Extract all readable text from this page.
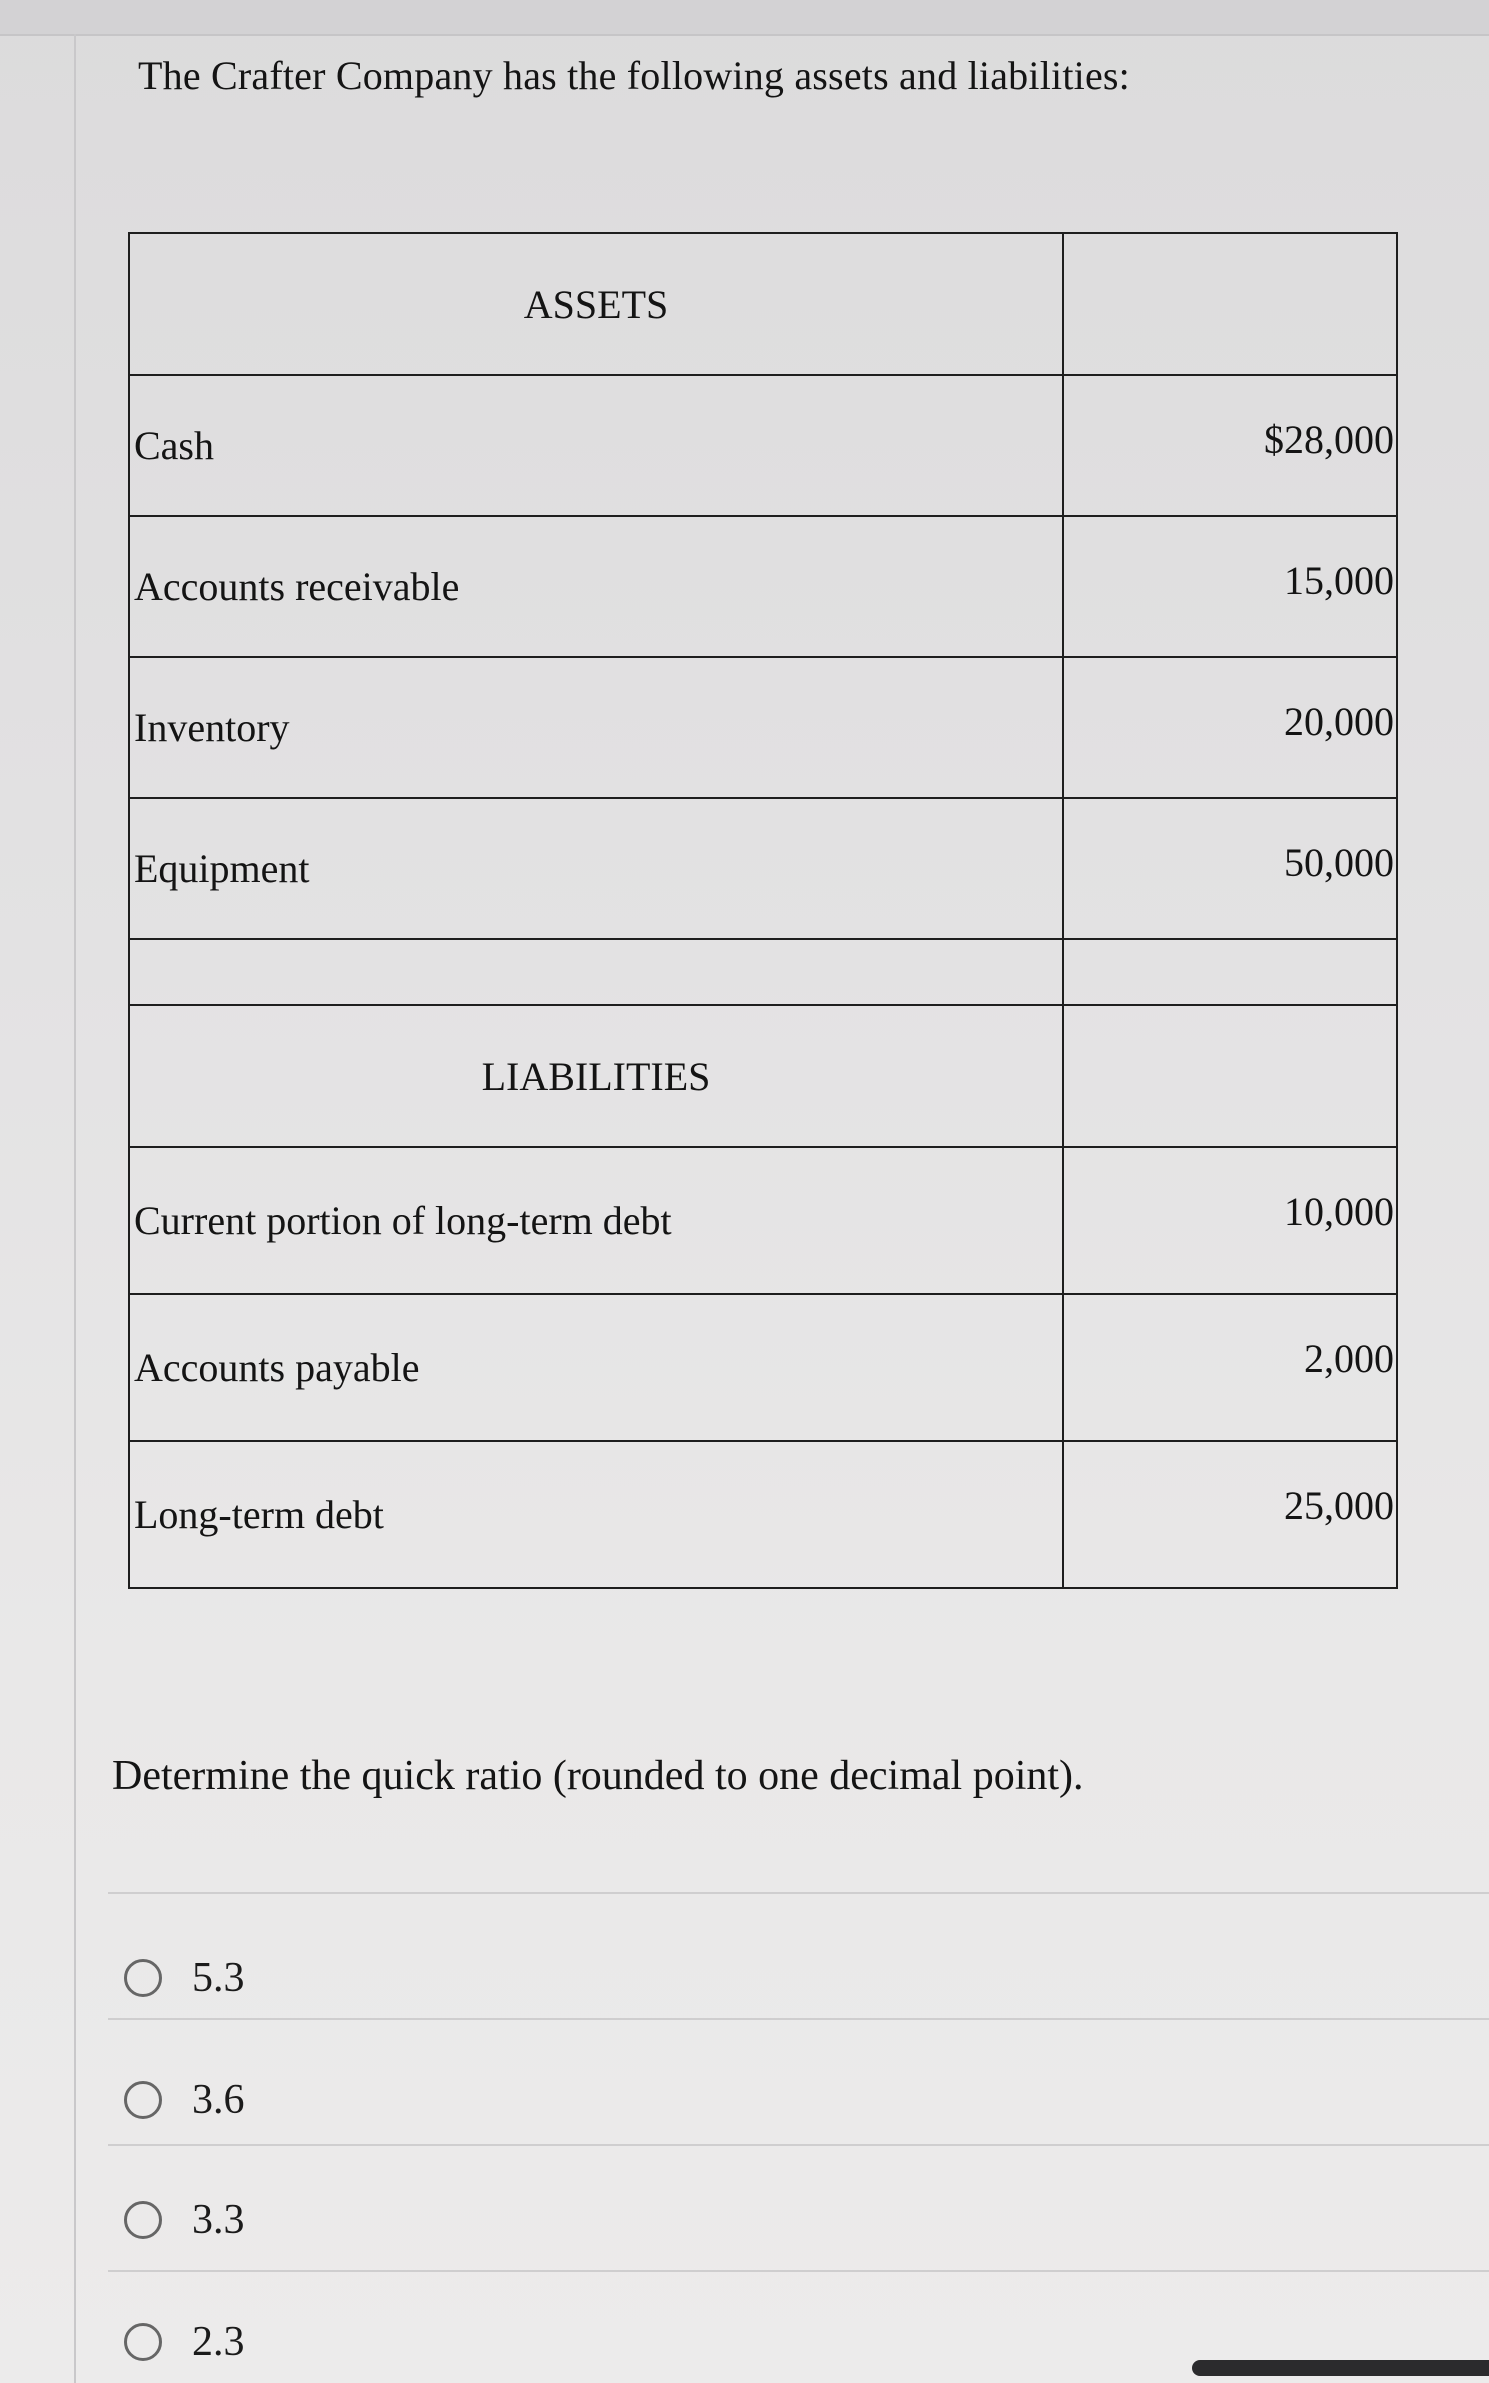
The Crafter Company has the following assets and liabilities:
ASSETS	
Cash	$28,000
Accounts receivable	15,000
Inventory	20,000
Equipment	50,000

LIABILITIES	
Current portion of long-term debt	10,000
Accounts payable	2,000
Long-term debt	25,000
Determine the quick ratio (rounded to one decimal point).
5.3
3.6
3.3
2.3
